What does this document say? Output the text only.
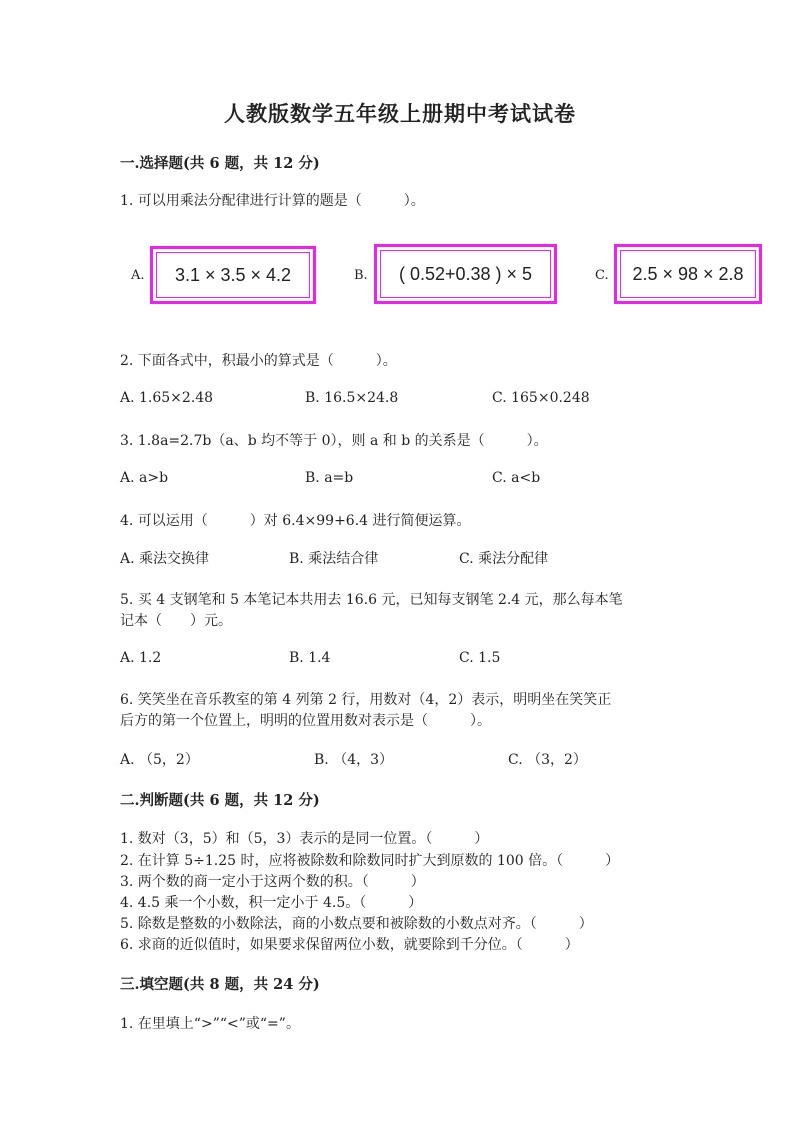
人教版数学五年级上册期中考试试卷
一.选择题(共 6 题，共 12 分)
1. 可以用乘法分配律进行计算的题是（　　　）。
A.	3.1 × 3.5 × 4.2	B.	( 0.52+0.38 ) × 5	C.	2.5 × 98 × 2.8
2. 下面各式中，积最小的算式是（　　　）。
A. 1.65×2.48	B. 16.5×24.8	C. 165×0.248
3. 1.8a=2.7b（a、b 均不等于 0），则 a 和 b 的关系是（　　　）。
A. a>b	B. a=b	C. a<b
4. 可以运用（　　　）对 6.4×99+6.4 进行简便运算。
A. 乘法交换律	B. 乘法结合律	C. 乘法分配律
5. 买 4 支钢笔和 5 本笔记本共用去 16.6 元，已知每支钢笔 2.4 元，那么每本笔
记本（　　）元。
A. 1.2	B. 1.4	C. 1.5
6. 笑笑坐在音乐教室的第 4 列第 2 行，用数对（4，2）表示，明明坐在笑笑正
后方的第一个位置上，明明的位置用数对表示是（　　　）。
A. （5，2）	B. （4，3）	C. （3，2）
二.判断题(共 6 题，共 12 分)
1. 数对（3，5）和（5，3）表示的是同一位置。（　　　）
2. 在计算 5÷1.25 时，应将被除数和除数同时扩大到原数的 100 倍。（　　　）
3. 两个数的商一定小于这两个数的积。（　　　）
4. 4.5 乘一个小数，积一定小于 4.5。（　　　）
5. 除数是整数的小数除法，商的小数点要和被除数的小数点对齐。（　　　）
6. 求商的近似值时，如果要求保留两位小数，就要除到千分位。（　　　）
三.填空题(共 8 题，共 24 分)
1. 在里填上“>”“<”或“=”。
